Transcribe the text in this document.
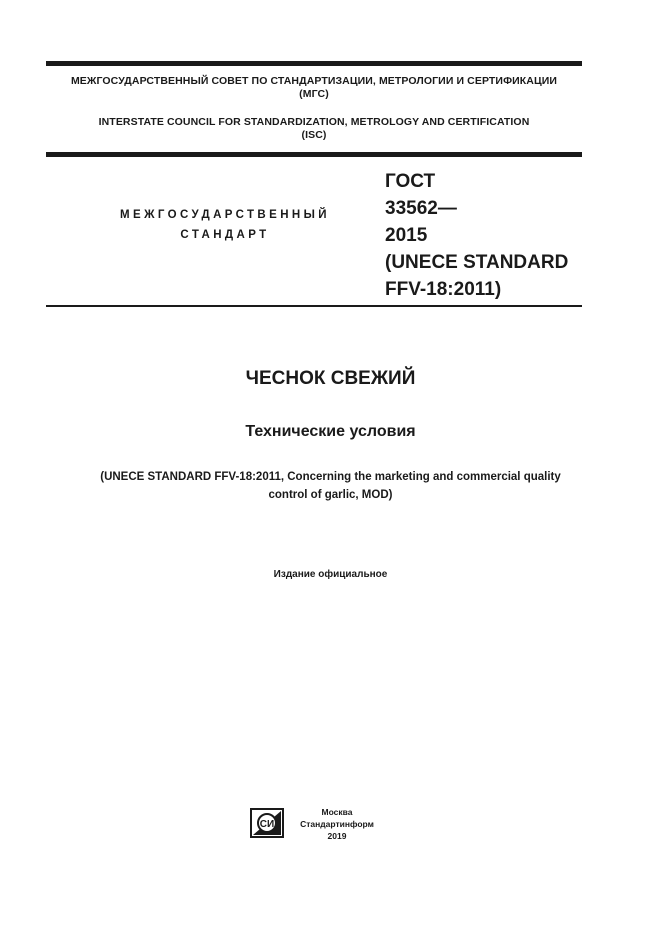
МЕЖГОСУДАРСТВЕННЫЙ СОВЕТ ПО СТАНДАРТИЗАЦИИ, МЕТРОЛОГИИ И СЕРТИФИКАЦИИ
(МГС)
INTERSTATE COUNCIL FOR STANDARDIZATION, METROLOGY AND CERTIFICATION
(ISC)
МЕЖГОСУДАРСТВЕННЫЙ
СТАНДАРТ
ГОСТ
33562—
2015
(UNECE STANDARD
FFV-18:2011)
ЧЕСНОК СВЕЖИЙ
Технические условия
(UNECE STANDARD FFV-18:2011, Concerning the marketing and commercial quality
control of garlic, MOD)
Издание официальное
СИ
Москва
Стандартинформ
2019
